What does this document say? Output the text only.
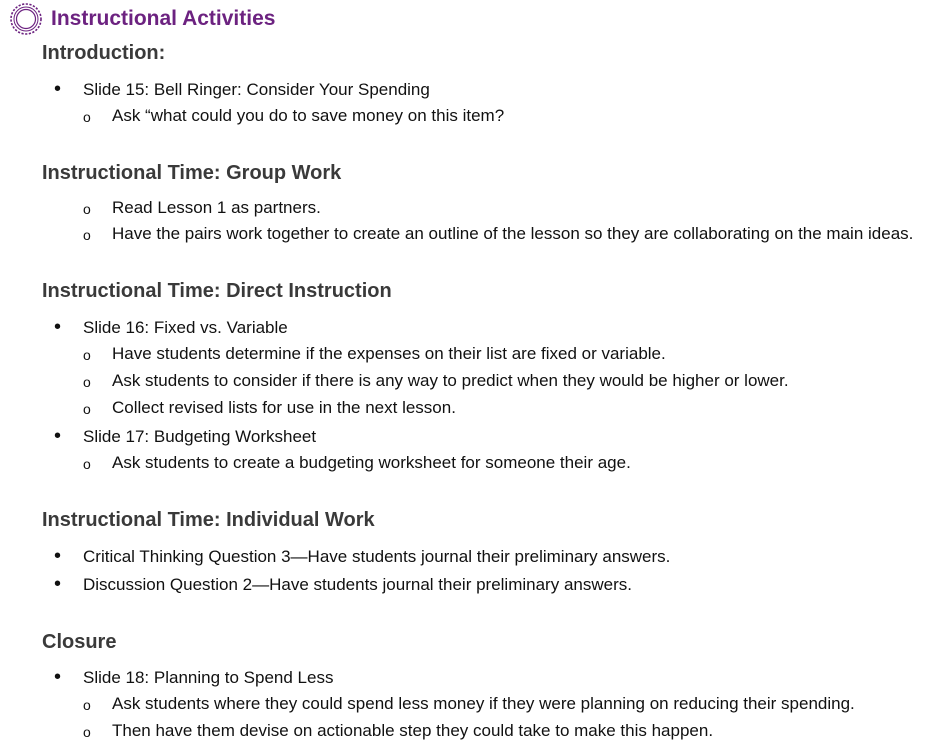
Instructional Activities
Introduction:
• Slide 15: Bell Ringer: Consider Your Spending
o Ask “what could you do to save money on this item?
Instructional Time: Group Work
o Read Lesson 1 as partners.
o Have the pairs work together to create an outline of the lesson so they are collaborating on the main ideas.
Instructional Time: Direct Instruction
• Slide 16: Fixed vs. Variable
o Have students determine if the expenses on their list are fixed or variable.
o Ask students to consider if there is any way to predict when they would be higher or lower.
o Collect revised lists for use in the next lesson.
• Slide 17: Budgeting Worksheet
o Ask students to create a budgeting worksheet for someone their age.
Instructional Time: Individual Work
• Critical Thinking Question 3—Have students journal their preliminary answers.
• Discussion Question 2—Have students journal their preliminary answers.
Closure
• Slide 18: Planning to Spend Less
o Ask students where they could spend less money if they were planning on reducing their spending.
o Then have them devise on actionable step they could take to make this happen.
